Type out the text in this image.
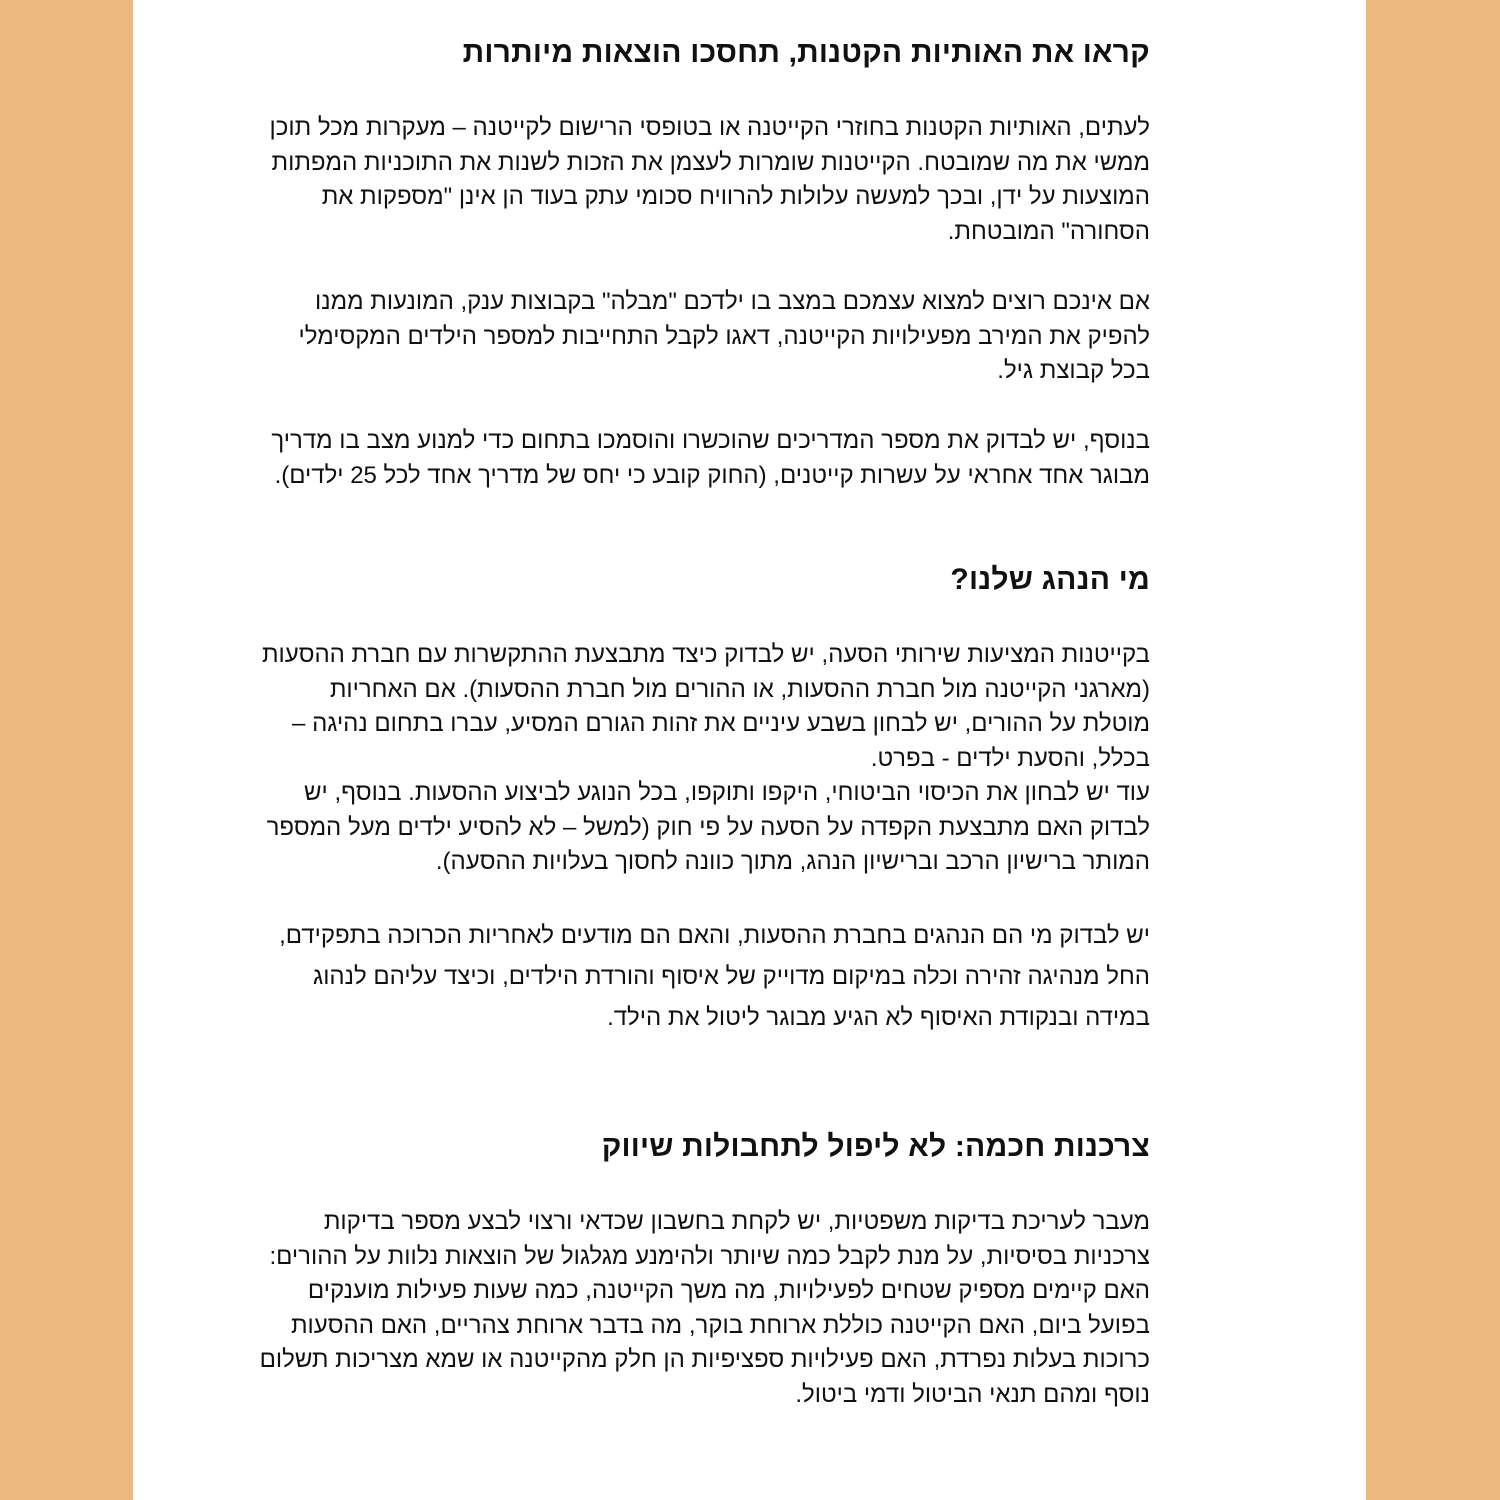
קראו את האותיות הקטנות, תחסכו הוצאות מיותרות
לעתים, האותיות הקטנות בחוזרי הקייטנה או בטופסי הרישום לקייטנה – מעקרות מכל תוכן
ממשי את מה שמובטח. הקייטנות שומרות לעצמן את הזכות לשנות את התוכניות המפתות
המוצעות על ידן, ובכך למעשה עלולות להרוויח סכומי עתק בעוד הן אינן "מספקות את
הסחורה" המובטחת.
אם אינכם רוצים למצוא עצמכם במצב בו ילדכם "מבלה" בקבוצות ענק, המונעות ממנו
להפיק את המירב מפעילויות הקייטנה, דאגו לקבל התחייבות למספר הילדים המקסימלי
בכל קבוצת גיל.
בנוסף, יש לבדוק את מספר המדריכים שהוכשרו והוסמכו בתחום כדי למנוע מצב בו מדריך
מבוגר אחד אחראי על עשרות קייטנים, (החוק קובע כי יחס של מדריך אחד לכל 25 ילדים).
מי הנהג שלנו?
בקייטנות המציעות שירותי הסעה, יש לבדוק כיצד מתבצעת ההתקשרות עם חברת ההסעות
(מארגני הקייטנה מול חברת ההסעות, או ההורים מול חברת ההסעות). אם האחריות
מוטלת על ההורים, יש לבחון בשבע עיניים את זהות הגורם המסיע, עברו בתחום נהיגה –
בכלל, והסעת ילדים - בפרט.
עוד יש לבחון את הכיסוי הביטוחי, היקפו ותוקפו, בכל הנוגע לביצוע ההסעות. בנוסף, יש
לבדוק האם מתבצעת הקפדה על הסעה על פי חוק (למשל – לא להסיע ילדים מעל המספר
המותר ברישיון הרכב וברישיון הנהג, מתוך כוונה לחסוך בעלויות ההסעה).
יש לבדוק מי הם הנהגים בחברת ההסעות, והאם הם מודעים לאחריות הכרוכה בתפקידם,
החל מנהיגה זהירה וכלה במיקום מדוייק של איסוף והורדת הילדים, וכיצד עליהם לנהוג
במידה ובנקודת האיסוף לא הגיע מבוגר ליטול את הילד.
צרכנות חכמה: לא ליפול לתחבולות שיווק
מעבר לעריכת בדיקות משפטיות, יש לקחת בחשבון שכדאי ורצוי לבצע מספר בדיקות
צרכניות בסיסיות, על מנת לקבל כמה שיותר ולהימנע מגלגול של הוצאות נלוות על ההורים:
האם קיימים מספיק שטחים לפעילויות, מה משך הקייטנה, כמה שעות פעילות מוענקים
בפועל ביום, האם הקייטנה כוללת ארוחת בוקר, מה בדבר ארוחת צהריים, האם ההסעות
כרוכות בעלות נפרדת, האם פעילויות ספציפיות הן חלק מהקייטנה או שמא מצריכות תשלום
נוסף ומהם תנאי הביטול ודמי ביטול.
